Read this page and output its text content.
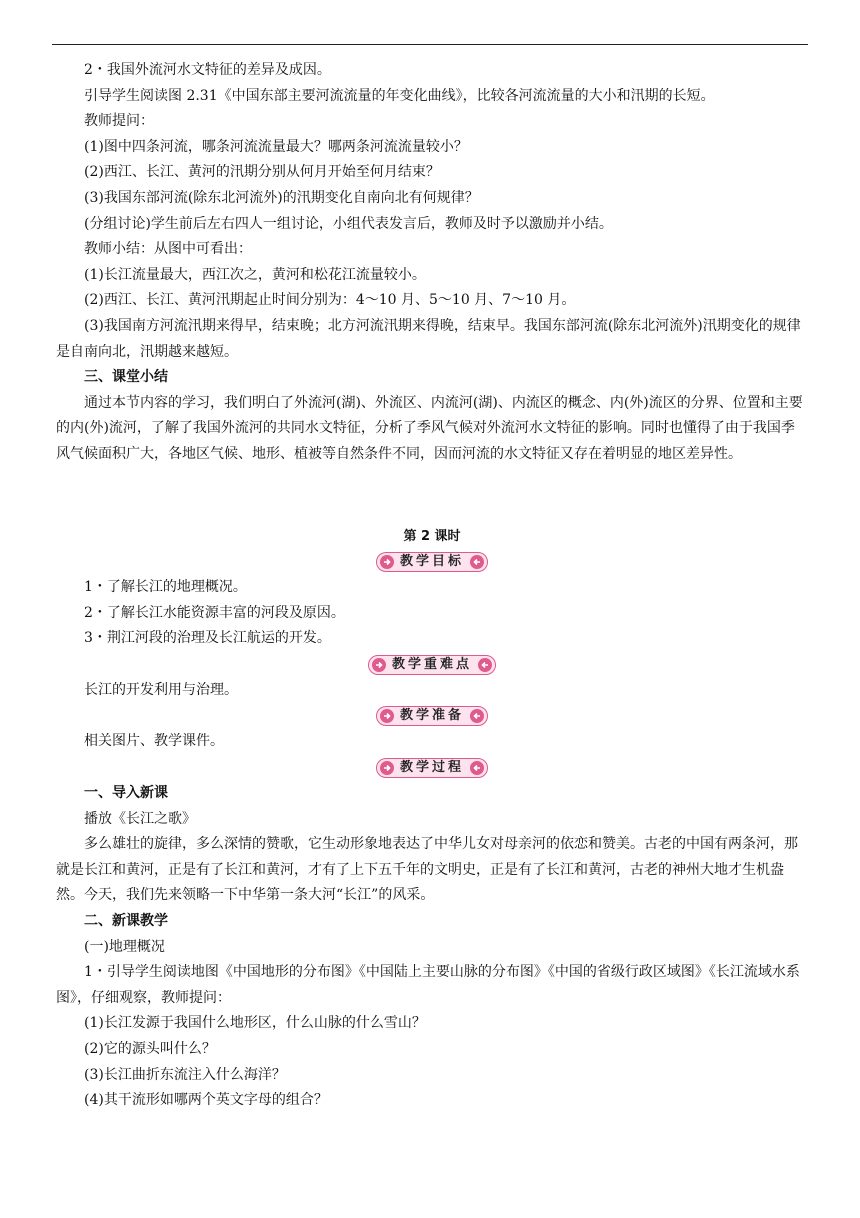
2・我国外流河水文特征的差异及成因。

引导学生阅读图 2.31《中国东部主要河流流量的年变化曲线》，比较各河流流量的大小和汛期的长短。

教师提问：

(1)图中四条河流，哪条河流流量最大？哪两条河流流量较小？

(2)西江、长江、黄河的汛期分别从何月开始至何月结束？

(3)我国东部河流(除东北河流外)的汛期变化自南向北有何规律？

(分组讨论)学生前后左右四人一组讨论，小组代表发言后，教师及时予以激励并小结。

教师小结：从图中可看出：

(1)长江流量最大，西江次之，黄河和松花江流量较小。

(2)西江、长江、黄河汛期起止时间分别为：4～10 月、5～10 月、7～10 月。

(3)我国南方河流汛期来得早，结束晚；北方河流汛期来得晚，结束早。我国东部河流(除东北河流外)汛期变化的规律是自南向北，汛期越来越短。

三、课堂小结

通过本节内容的学习，我们明白了外流河(湖)、外流区、内流河(湖)、内流区的概念、内(外)流区的分界、位置和主要的内(外)流河，了解了我国外流河的共同水文特征，分析了季风气候对外流河水文特征的影响。同时也懂得了由于我国季风气候面积广大，各地区气候、地形、植被等自然条件不同，因而河流的水文特征又存在着明显的地区差异性。

第 2 课时

教学目标

1・了解长江的地理概况。

2・了解长江水能资源丰富的河段及原因。

3・荆江河段的治理及长江航运的开发。

教学重难点

长江的开发利用与治理。

教学准备

相关图片、教学课件。

教学过程

一、导入新课

播放《长江之歌》

多么雄壮的旋律，多么深情的赞歌，它生动形象地表达了中华儿女对母亲河的依恋和赞美。古老的中国有两条河，那就是长江和黄河，正是有了长江和黄河，才有了上下五千年的文明史，正是有了长江和黄河，古老的神州大地才生机盎然。今天，我们先来领略一下中华第一条大河“长江”的风采。

二、新课教学

(一)地理概况

1・引导学生阅读地图《中国地形的分布图》《中国陆上主要山脉的分布图》《中国的省级行政区域图》《长江流域水系图》，仔细观察，教师提问：

(1)长江发源于我国什么地形区，什么山脉的什么雪山？

(2)它的源头叫什么？

(3)长江曲折东流注入什么海洋？

(4)其干流形如哪两个英文字母的组合？
